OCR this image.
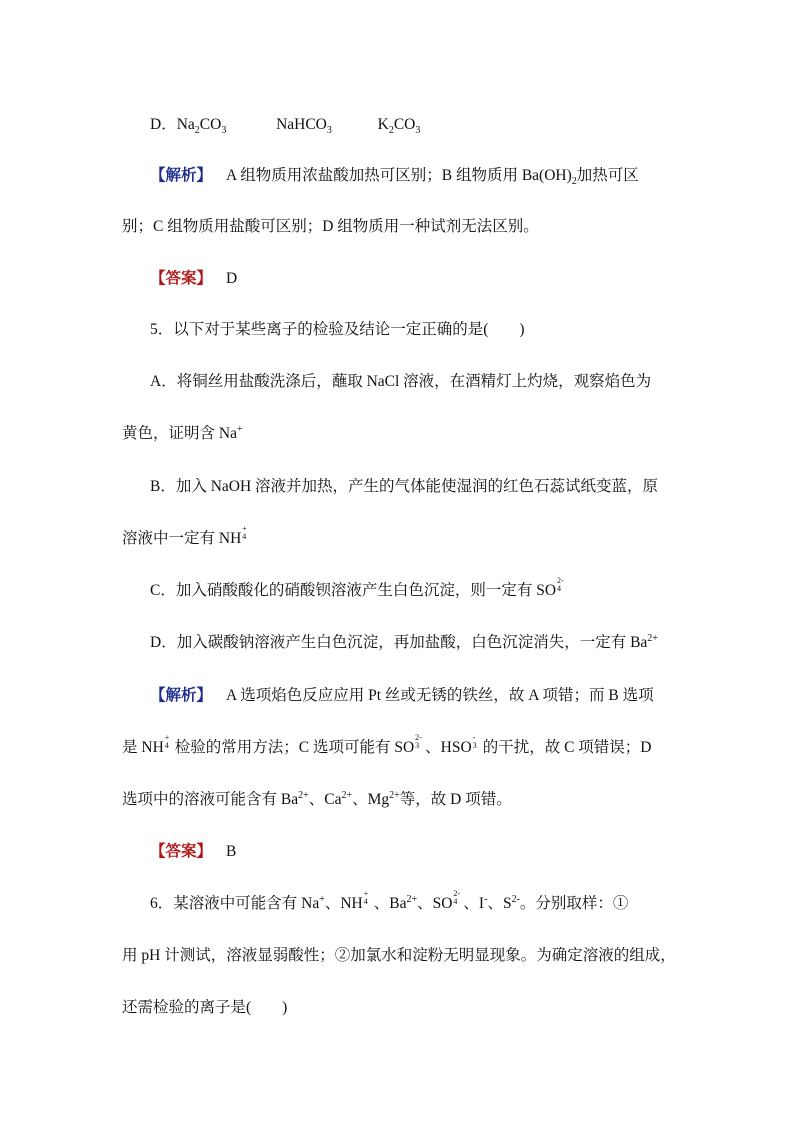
D．$Na_2CO_3$	NaHCO$_3$	$K_2CO_3$
【解析】 A 组物质用浓盐酸加热可区别；B 组物质用 $Ba(OH)_2$加热可区
别；C 组物质用盐酸可区别；D 组物质用一种试剂无法区别。
【答案】 D
5．以下对于某些离子的检验及结论一定正确的是(　　)
A．将铜丝用盐酸洗涤后，蘸取 NaCl 溶液，在酒精灯上灼烧，观察焰色为
黄色，证明含 Na+
B．加入 NaOH 溶液并加热，产生的气体能使湿润的红色石蕊试纸变蓝，原
溶液中一定有 NH
+
4
C．加入硝酸酸化的硝酸钡溶液产生白色沉淀，则一定有 SO
2-
4
D．加入碳酸钠溶液产生白色沉淀，再加盐酸，白色沉淀消失，一定有 $Ba^{2+}$
【解析】 A 选项焰色反应应用 Pt 丝或无锈的铁丝，故 A 项错；而 B 选项
是 NH
+
4 检验的常用方法；C 选项可能有 SO
2-
3 、HSO
-
3 的干扰，故 C 项错误；D
选项中的溶液可能含有 $Ba^{2+}$、$Ca^{2+}$、$Mg^{2+}$等，故 D 项错。
【答案】 B
6．某溶液中可能含有 Na+、NH
+
4 、$Ba^{2+}$、SO
2-
4 、I-、$S^{2-}$。分别取样：①
用 pH 计测试，溶液显弱酸性；②加氯水和淀粉无明显现象。为确定溶液的组成，
还需检验的离子是(　　)
